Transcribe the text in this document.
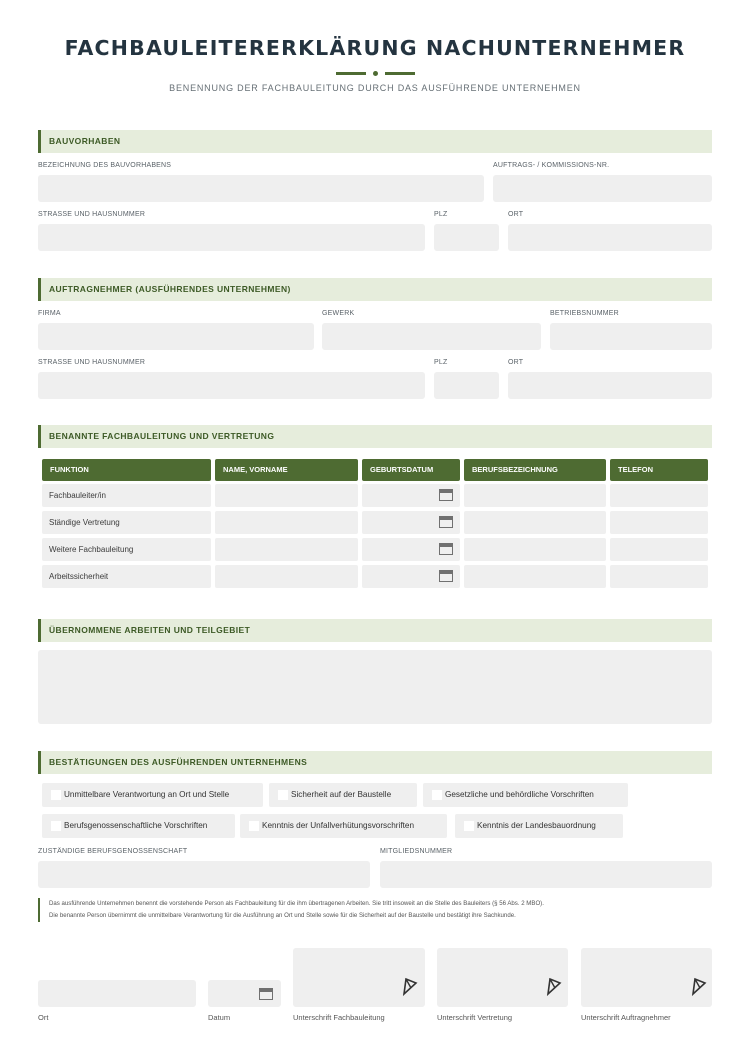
FACHBAULEITERERKLÄRUNG NACHUNTERNEHMER
BENENNUNG DER FACHBAULEITUNG DURCH DAS AUSFÜHRENDE UNTERNEHMEN
BAUVORHABEN
BEZEICHNUNG DES BAUVORHABENS	AUFTRAGS- / KOMMISSIONS-NR.
STRASSE UND HAUSNUMMER	PLZ	ORT
AUFTRAGNEHMER (AUSFÜHRENDES UNTERNEHMEN)
FIRMA	GEWERK	BETRIEBSNUMMER
STRASSE UND HAUSNUMMER	PLZ	ORT
BENANNTE FACHBAULEITUNG UND VERTRETUNG
FUNKTION	NAME, VORNAME	GEBURTSDATUM	BERUFSBEZEICHNUNG	TELEFON
Fachbauleiter/in
Ständige Vertretung
Weitere Fachbauleitung
Arbeitssicherheit
ÜBERNOMMENE ARBEITEN UND TEILGEBIET
BESTÄTIGUNGEN DES AUSFÜHRENDEN UNTERNEHMENS
Unmittelbare Verantwortung an Ort und Stelle	Sicherheit auf der Baustelle	Gesetzliche und behördliche Vorschriften
Berufsgenossenschaftliche Vorschriften	Kenntnis der Unfallverhütungsvorschriften	Kenntnis der Landesbauordnung
ZUSTÄNDIGE BERUFSGENOSSENSCHAFT	MITGLIEDSNUMMER
Das ausführende Unternehmen benennt die vorstehende Person als Fachbauleitung für die ihm übertragenen Arbeiten. Sie tritt insoweit an die Stelle des Bauleiters (§ 56 Abs. 2 MBO).
Die benannte Person übernimmt die unmittelbare Verantwortung für die Ausführung an Ort und Stelle sowie für die Sicherheit auf der Baustelle und bestätigt ihre Sachkunde.
Ort	Datum	Unterschrift Fachbauleitung	Unterschrift Vertretung	Unterschrift Auftragnehmer
